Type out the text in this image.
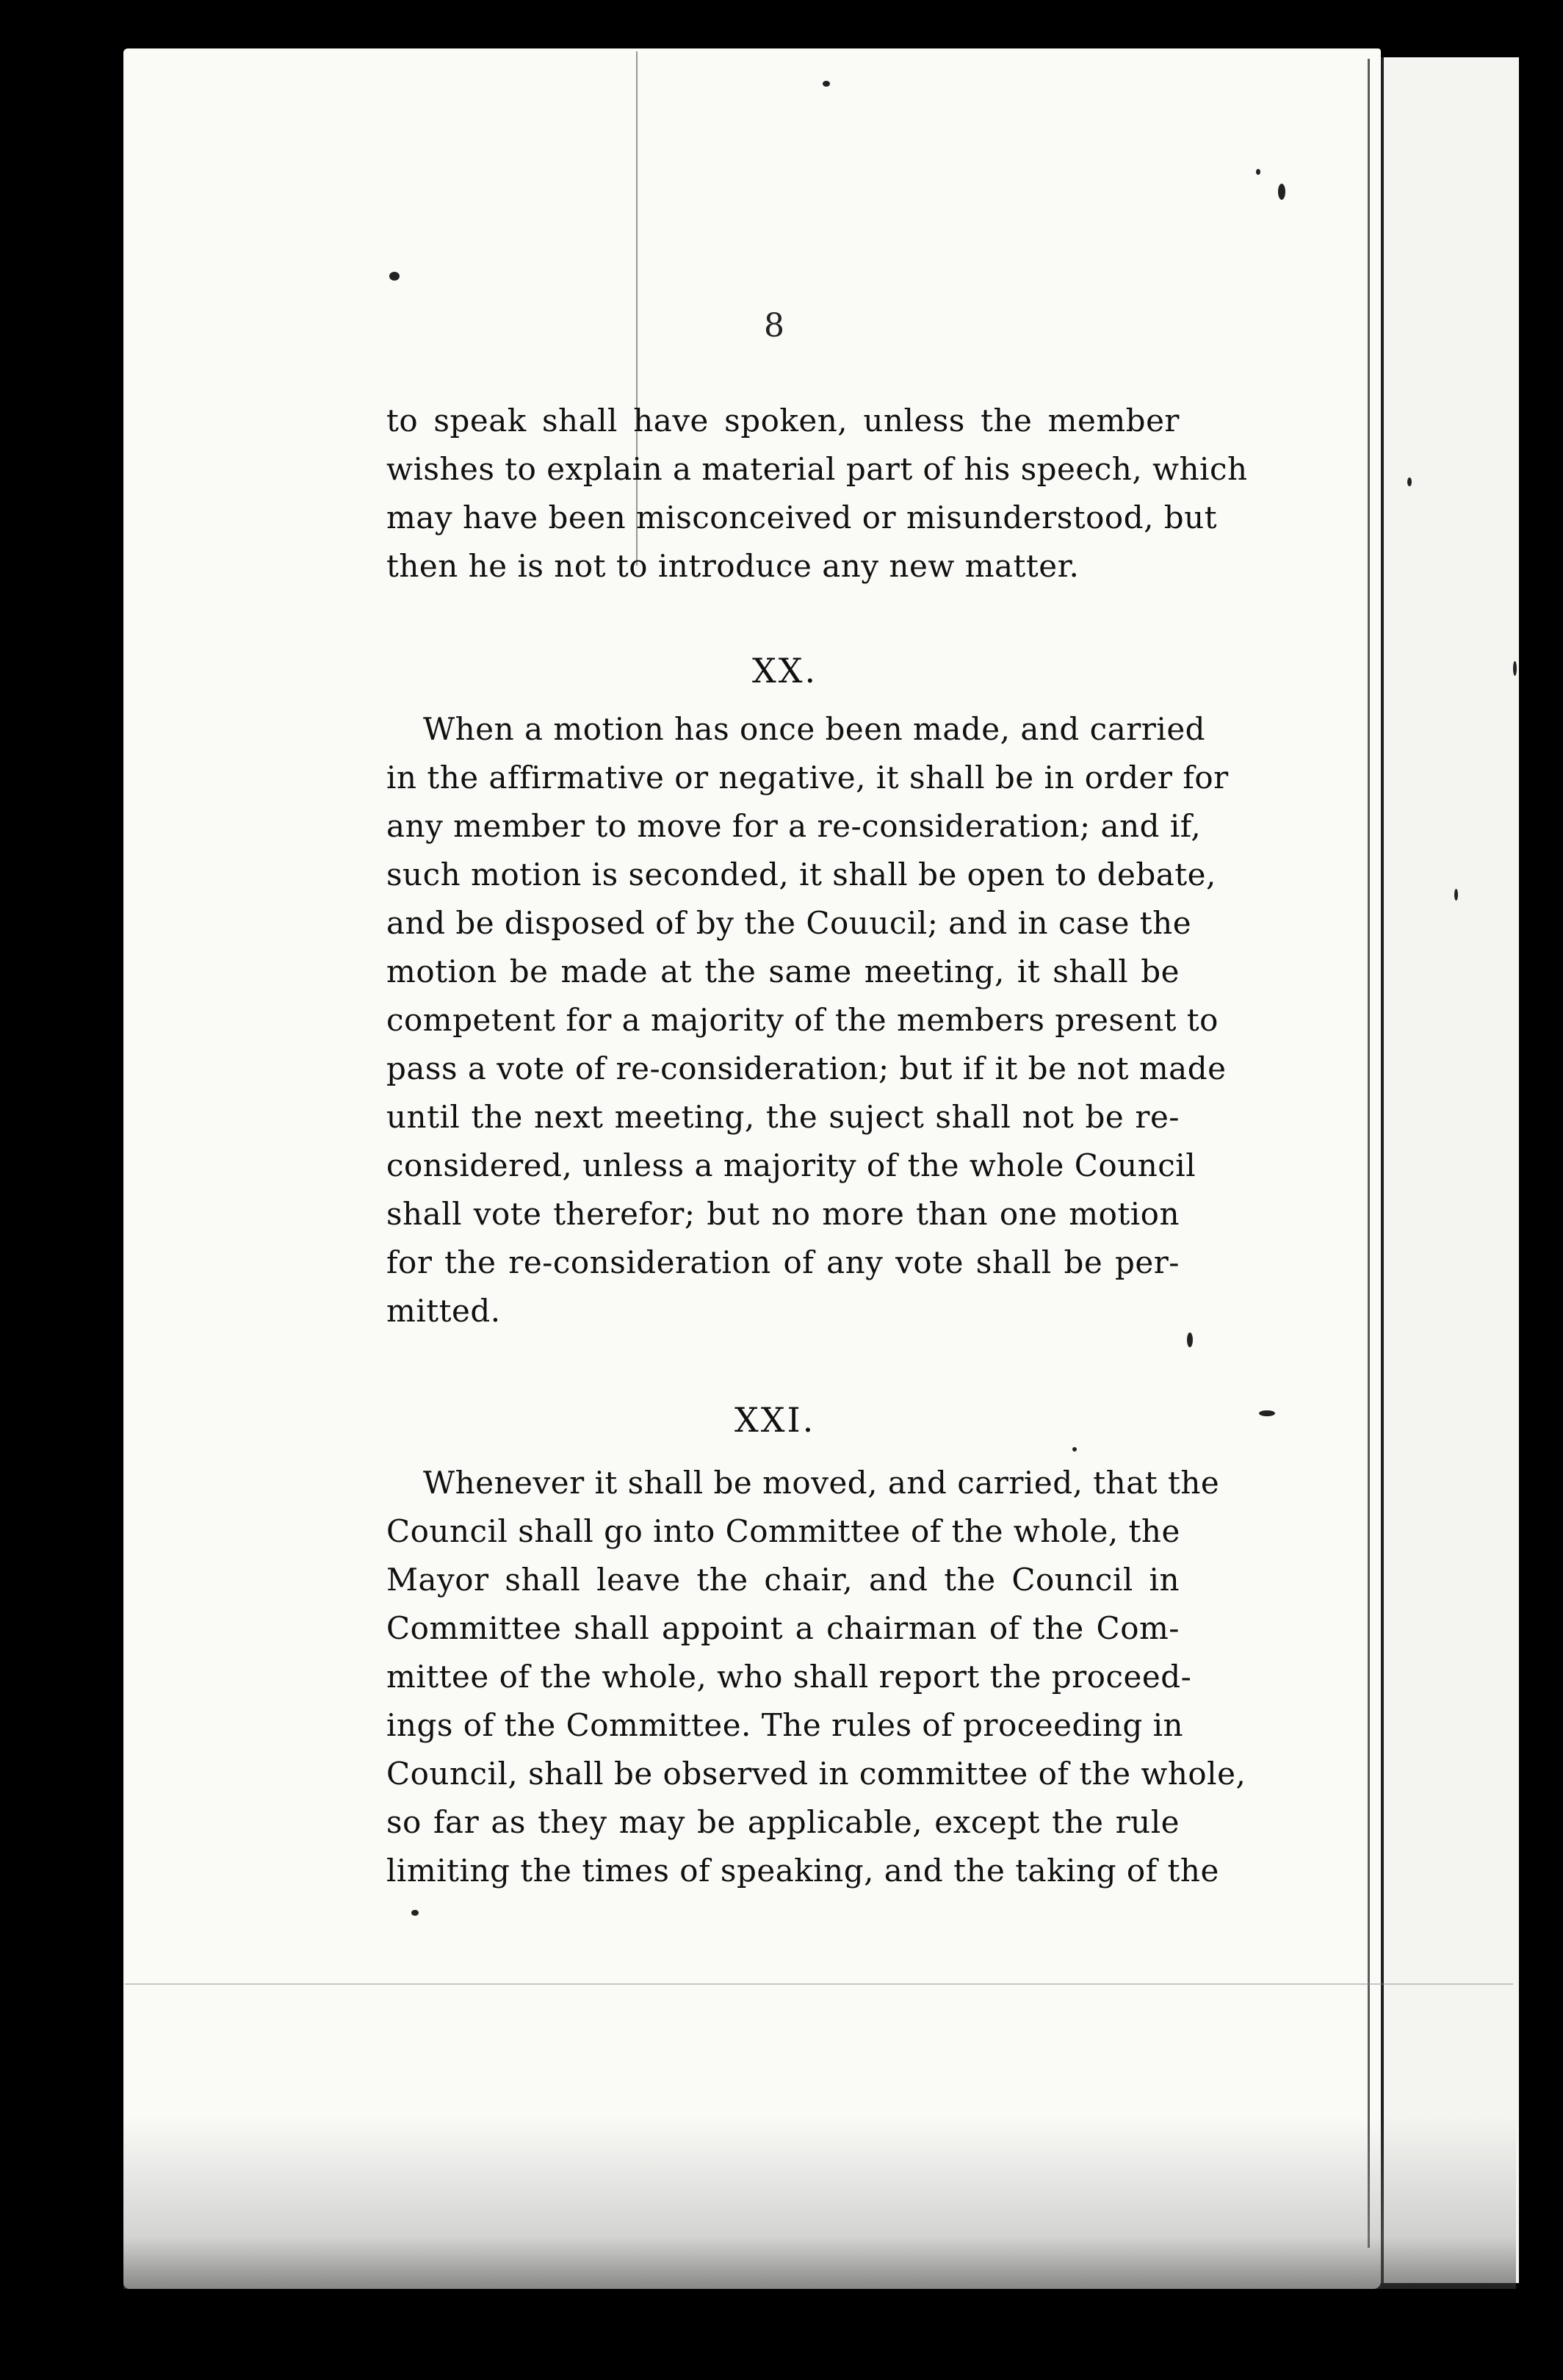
8
to speak shall have spoken, unless the member
wishes to explain a material part of his speech, which
may have been misconceived or misunderstood, but
then he is not to introduce any new matter.
XX.
When a motion has once been made, and carried
in the affirmative or negative, it shall be in order for
any member to move for a re-consideration; and if,
such motion is seconded, it shall be open to debate,
and be disposed of by the Couucil; and in case the
motion be made at the same meeting, it shall be
competent for a majority of the members present to
pass a vote of re-consideration; but if it be not made
until the next meeting, the suject shall not be re-
considered, unless a majority of the whole Council
shall vote therefor; but no more than one motion
for the re-consideration of any vote shall be per-
mitted.
XXI.
Whenever it shall be moved, and carried, that the
Council shall go into Committee of the whole, the
Mayor shall leave the chair, and the Council in
Committee shall appoint a chairman of the Com-
mittee of the whole, who shall report the proceed-
ings of the Committee. The rules of proceeding in
Council, shall be observed in committee of the whole,
so far as they may be applicable, except the rule
limiting the times of speaking, and the taking of the
